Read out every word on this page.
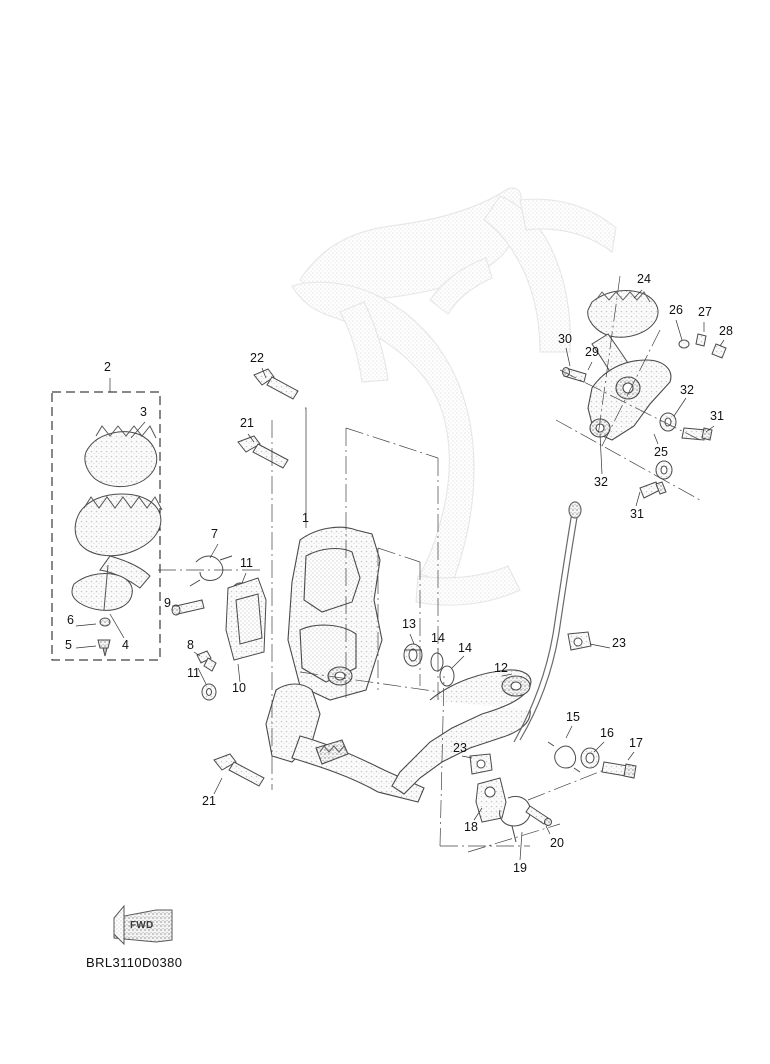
FWD
BRL3110D0380
2
3
22
21
1
7
11
6
5	4
9
8
11
10
13
14
14
12
23
15
16
17
23
18
19
20
21
24
26 27
28
30
29
32
31
25
32
31
